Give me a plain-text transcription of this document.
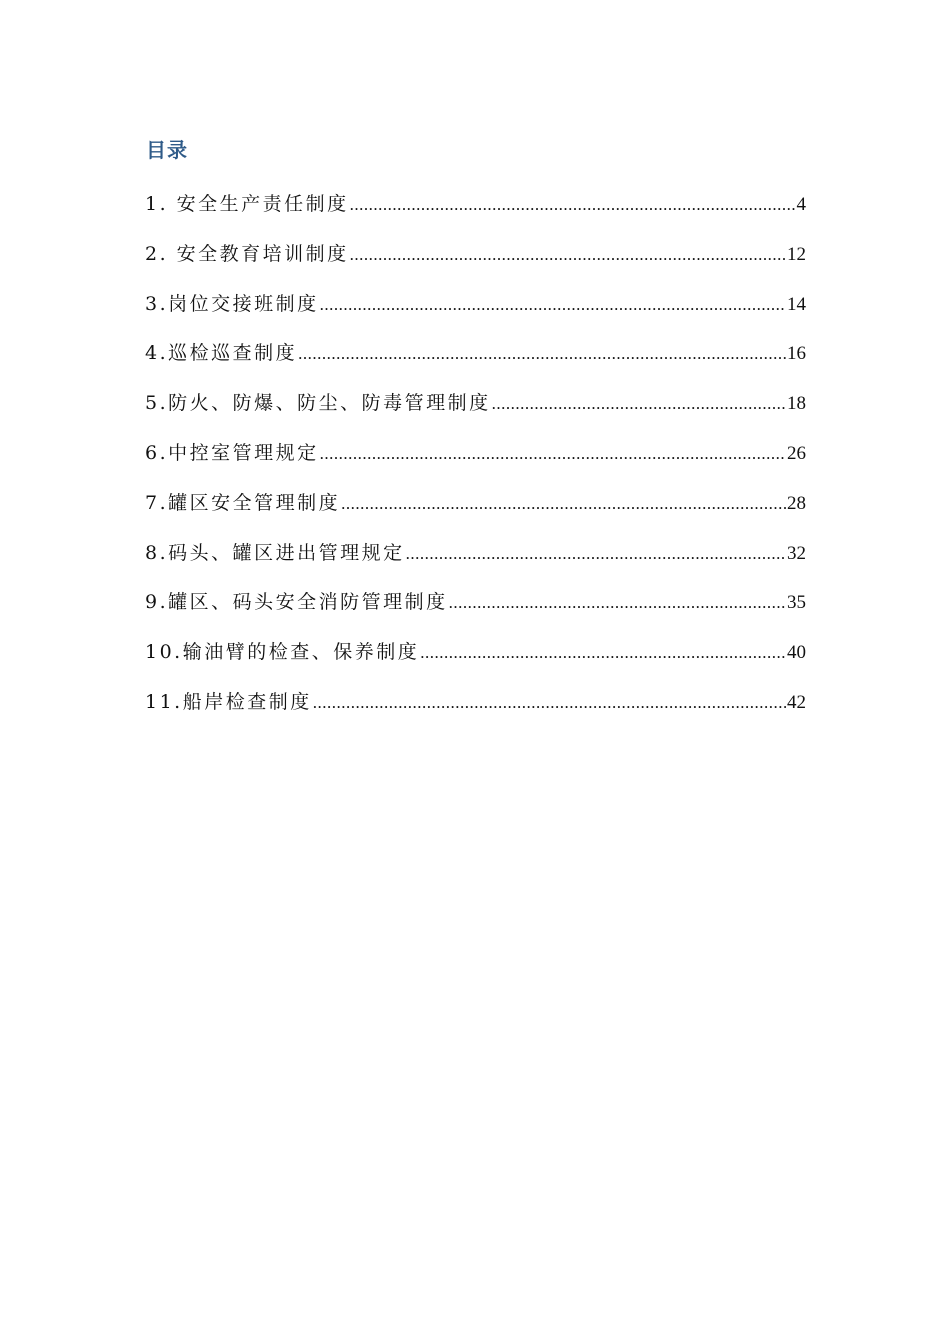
目录
1. 安全生产责任制度 .....	4
2. 安全教育培训制度 .....	12
3.岗位交接班制度 .....	14
4.巡检巡查制度 .....	16
5.防火、防爆、防尘、防毒管理制度 .....	18
6.中控室管理规定 .....	26
7.罐区安全管理制度 .....	28
8.码头、罐区进出管理规定 .....	32
9.罐区、码头安全消防管理制度 .....	35
10.输油臂的检查、保养制度 .....	40
11.船岸检查制度 .....	42
